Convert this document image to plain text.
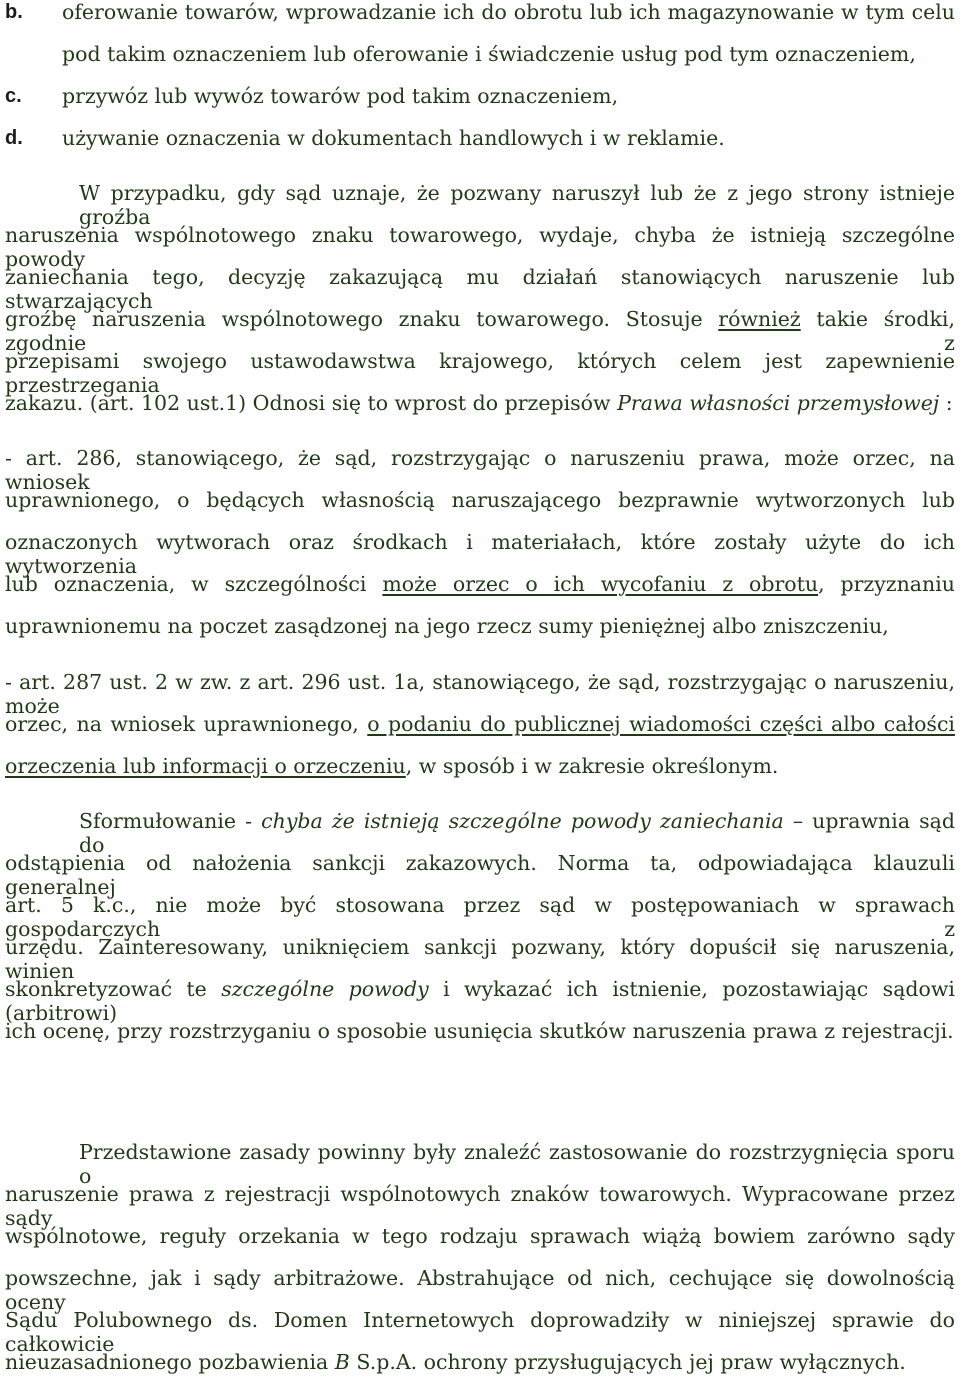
b. oferowanie towarów, wprowadzanie ich do obrotu lub ich magazynowanie w tym celu
pod takim oznaczeniem lub oferowanie i świadczenie usług pod tym oznaczeniem,
c. przywóz lub wywóz towarów pod takim oznaczeniem,
d. używanie oznaczenia w dokumentach handlowych i w reklamie.
W przypadku, gdy sąd uznaje, że pozwany naruszył lub że z jego strony istnieje groźba
naruszenia wspólnotowego znaku towarowego, wydaje, chyba że istnieją szczególne powody
zaniechania tego, decyzję zakazującą mu działań stanowiących naruszenie lub stwarzających
groźbę naruszenia wspólnotowego znaku towarowego. Stosuje również takie środki, zgodnie z
przepisami swojego ustawodawstwa krajowego, których celem jest zapewnienie przestrzegania
zakazu. (art. 102 ust.1) Odnosi się to wprost do przepisów Prawa własności przemysłowej :
- art. 286, stanowiącego, że sąd, rozstrzygając o naruszeniu prawa, może orzec, na wniosek
uprawnionego, o będących własnością naruszającego bezprawnie wytworzonych lub
oznaczonych wytworach oraz środkach i materiałach, które zostały użyte do ich wytworzenia
lub oznaczenia, w szczególności może orzec o ich wycofaniu z obrotu, przyznaniu
uprawnionemu na poczet zasądzonej na jego rzecz sumy pieniężnej albo zniszczeniu,
- art. 287 ust. 2 w zw. z art. 296 ust. 1a, stanowiącego, że sąd, rozstrzygając o naruszeniu, może
orzec, na wniosek uprawnionego, o podaniu do publicznej wiadomości części albo całości
orzeczenia lub informacji o orzeczeniu, w sposób i w zakresie określonym.
Sformułowanie - chyba że istnieją szczególne powody zaniechania – uprawnia sąd do
odstąpienia od nałożenia sankcji zakazowych. Norma ta, odpowiadająca klauzuli generalnej
art. 5 k.c., nie może być stosowana przez sąd w postępowaniach w sprawach gospodarczych z
urzędu. Zainteresowany, uniknięciem sankcji pozwany, który dopuścił się naruszenia, winien
skonkretyzować te szczególne powody i wykazać ich istnienie, pozostawiając sądowi (arbitrowi)
ich ocenę, przy rozstrzyganiu o sposobie usunięcia skutków naruszenia prawa z rejestracji.
Przedstawione zasady powinny były znaleźć zastosowanie do rozstrzygnięcia sporu o
naruszenie prawa z rejestracji wspólnotowych znaków towarowych. Wypracowane przez sądy
wspólnotowe, reguły orzekania w tego rodzaju sprawach wiążą bowiem zarówno sądy
powszechne, jak i sądy arbitrażowe. Abstrahujące od nich, cechujące się dowolnością oceny
Sądu Polubownego ds. Domen Internetowych doprowadziły w niniejszej sprawie do całkowicie
nieuzasadnionego pozbawienia B S.p.A. ochrony przysługujących jej praw wyłącznych.
